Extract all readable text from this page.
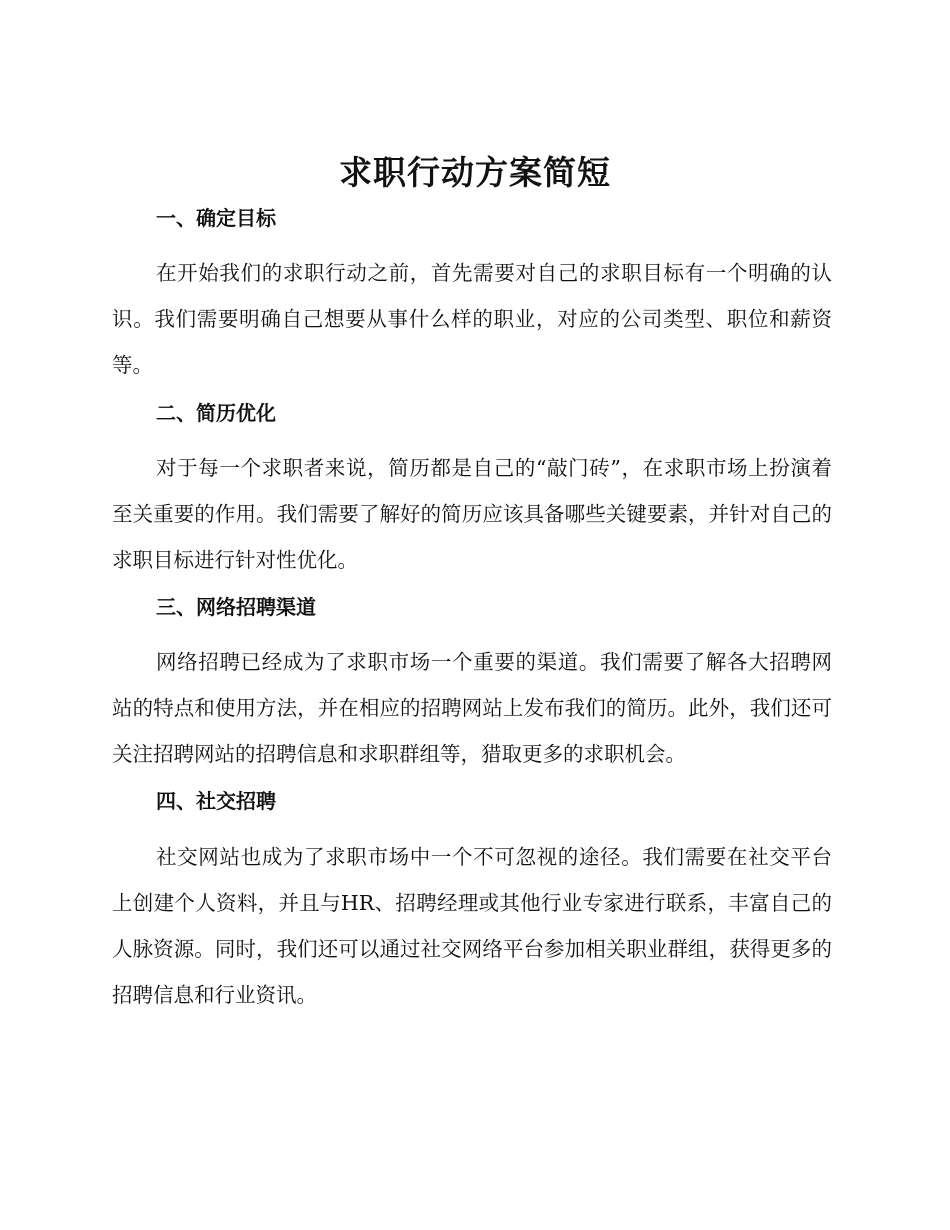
求职行动方案简短
一、确定目标

在开始我们的求职行动之前，首先需要对自己的求职目标有一个明确的认识。我们需要明确自己想要从事什么样的职业，对应的公司类型、职位和薪资等。

二、简历优化

对于每一个求职者来说，简历都是自己的“敲门砖”，在求职市场上扮演着至关重要的作用。我们需要了解好的简历应该具备哪些关键要素，并针对自己的求职目标进行针对性优化。

三、网络招聘渠道

网络招聘已经成为了求职市场一个重要的渠道。我们需要了解各大招聘网站的特点和使用方法，并在相应的招聘网站上发布我们的简历。此外，我们还可关注招聘网站的招聘信息和求职群组等，猎取更多的求职机会。

四、社交招聘

社交网站也成为了求职市场中一个不可忽视的途径。我们需要在社交平台上创建个人资料，并且与HR、招聘经理或其他行业专家进行联系，丰富自己的人脉资源。同时，我们还可以通过社交网络平台参加相关职业群组，获得更多的招聘信息和行业资讯。
